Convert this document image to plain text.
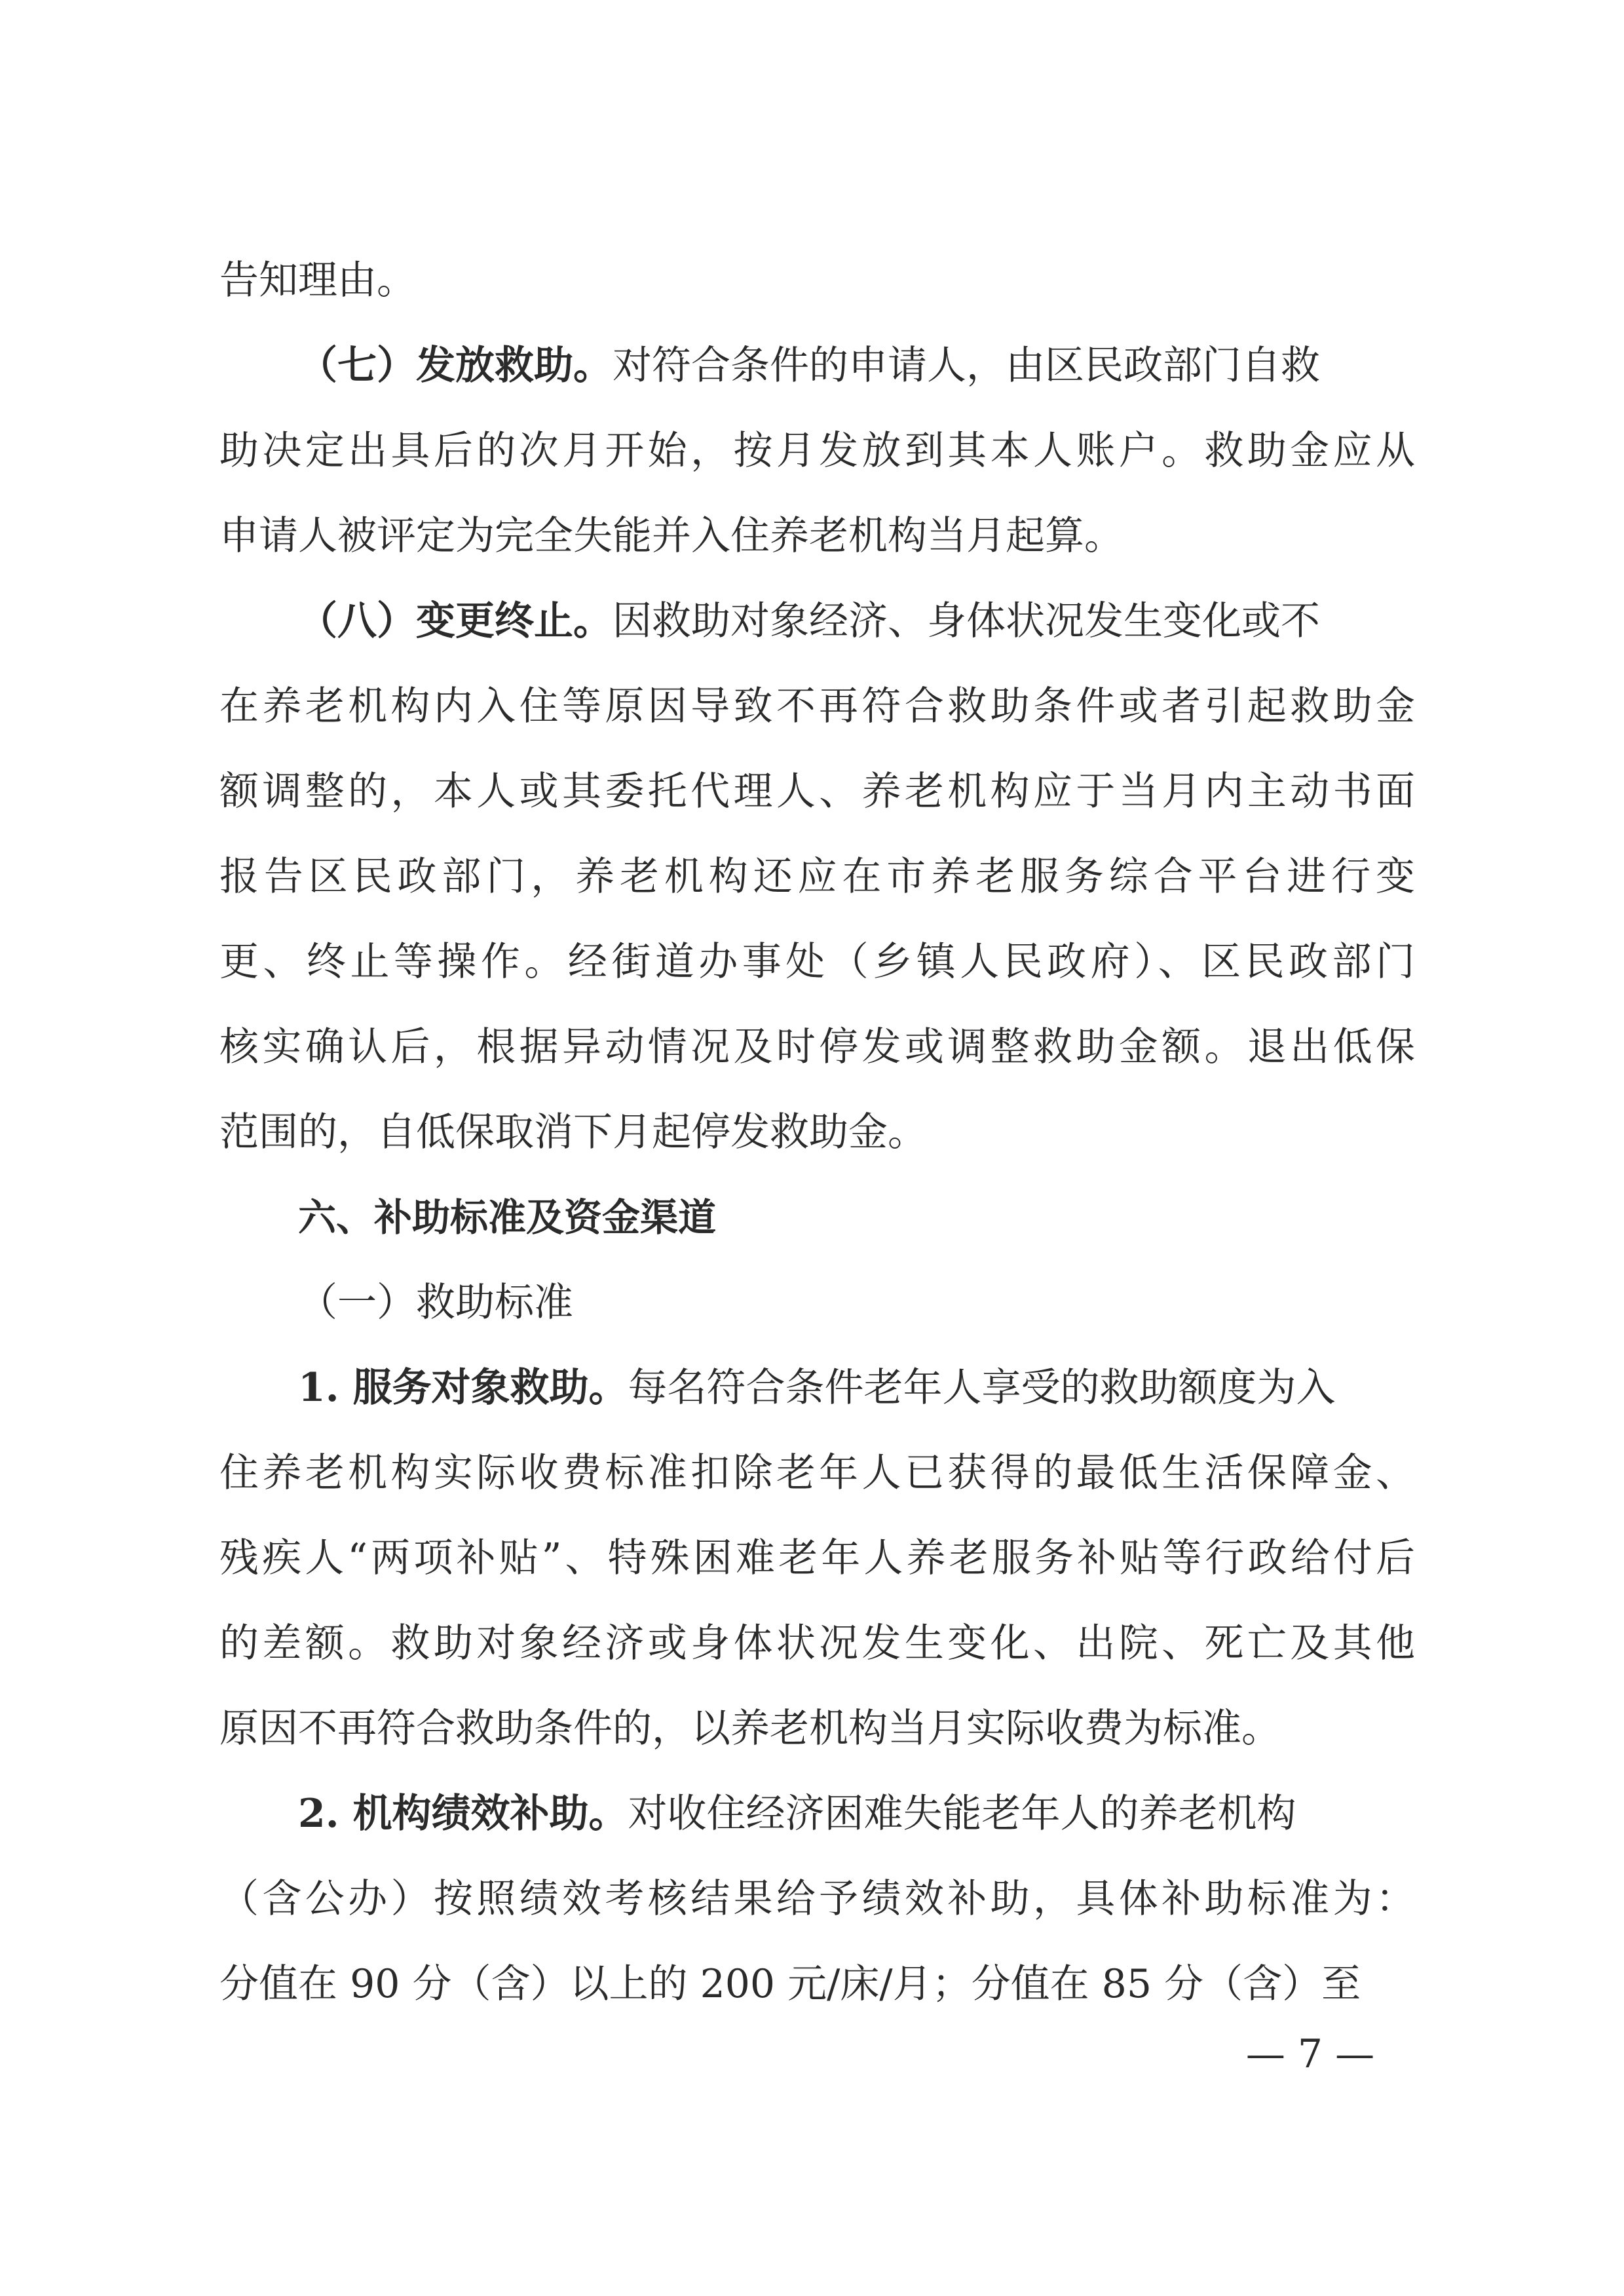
告知理由。
（七）发放救助。对符合条件的申请人，由区民政部门自救
助决定出具后的次月开始，按月发放到其本人账户。救助金应从
申请人被评定为完全失能并入住养老机构当月起算。
（八）变更终止。因救助对象经济、身体状况发生变化或不
在养老机构内入住等原因导致不再符合救助条件或者引起救助金
额调整的，本人或其委托代理人、养老机构应于当月内主动书面
报告区民政部门，养老机构还应在市养老服务综合平台进行变
更、终止等操作。经街道办事处（乡镇人民政府）、区民政部门
核实确认后，根据异动情况及时停发或调整救助金额。退出低保
范围的，自低保取消下月起停发救助金。
六、补助标准及资金渠道
（一）救助标准
1. 服务对象救助。每名符合条件老年人享受的救助额度为入
住养老机构实际收费标准扣除老年人已获得的最低生活保障金、
残疾人“两项补贴”、特殊困难老年人养老服务补贴等行政给付后
的差额。救助对象经济或身体状况发生变化、出院、死亡及其他
原因不再符合救助条件的，以养老机构当月实际收费为标准。
2. 机构绩效补助。对收住经济困难失能老年人的养老机构
（含公办）按照绩效考核结果给予绩效补助，具体补助标准为：
分值在 90 分（含）以上的 200 元/床/月；分值在 85 分（含）至
— 7 —
